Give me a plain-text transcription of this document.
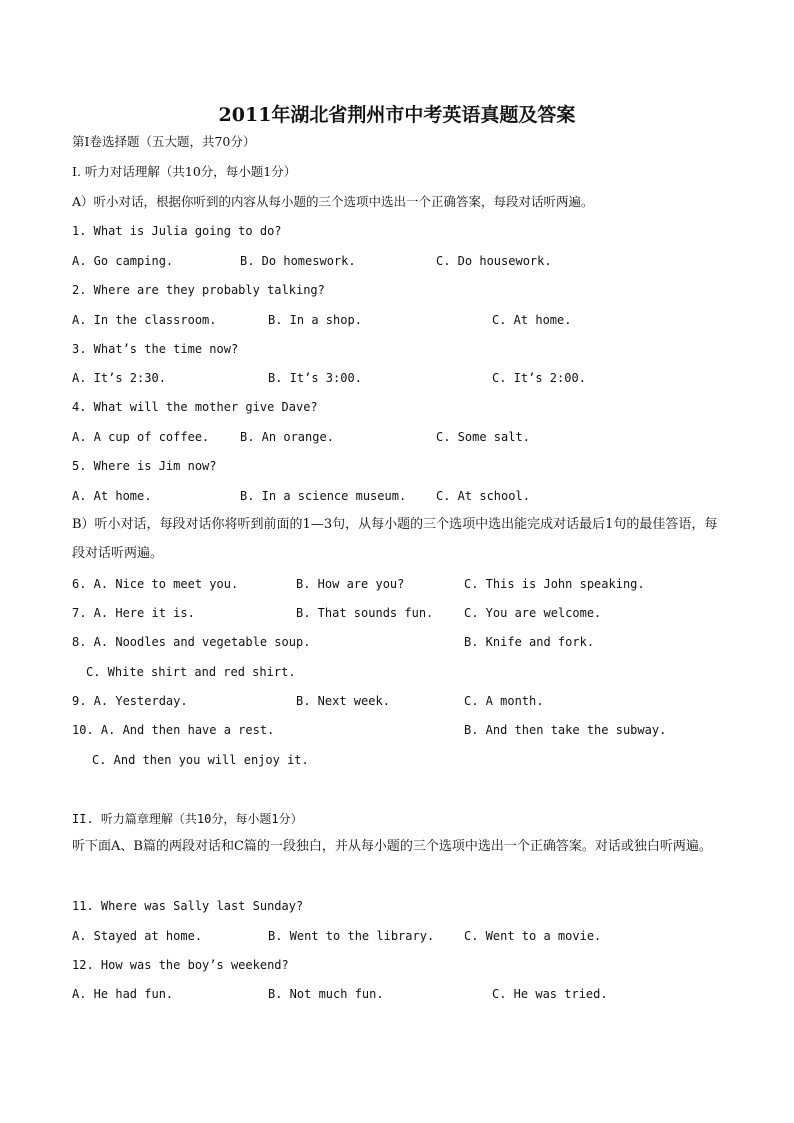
2011年湖北省荆州市中考英语真题及答案
第I卷选择题（五大题，共70分）
I. 听力对话理解（共10分，每小题1分）
A）听小对话，根据你听到的内容从每小题的三个选项中选出一个正确答案，每段对话听两遍。
1. What is Julia going to do?
A. Go camping.	B. Do homeswork.	C. Do housework.
2. Where are they probably talking?
A. In the classroom.	B. In a shop.	C. At home.
3. What’s the time now?
A. It’s 2:30.	B. It’s 3:00.	C. It’s 2:00.
4. What will the mother give Dave?
A. A cup of coffee.	B. An orange.	C. Some salt.
5. Where is Jim now?
A. At home.	B. In a science museum. C. At school.
B）听小对话，每段对话你将听到前面的1—3句，从每小题的三个选项中选出能完成对话最后1句的最佳答语，每段对话听两遍。
6. A. Nice to meet you.	B. How are you?	C. This is John speaking.
7. A. Here it is.	B. That sounds fun.	C. You are welcome.
8. A. Noodles and vegetable soup.	B. Knife and fork.
C. White shirt and red shirt.
9. A. Yesterday.	B. Next week.	C. A month.
10. A. And then have a rest.	B. And then take the subway.
C. And then you will enjoy it.
II. 听力篇章理解（共10分，每小题1分）
听下面A、B篇的两段对话和C篇的一段独白，并从每小题的三个选项中选出一个正确答案。对话或独白听两遍。
11. Where was Sally last Sunday?
A. Stayed at home.	B. Went to the library. C. Went to a movie.
12. How was the boy’s weekend?
A. He had fun.	B. Not much fun.	C. He was tried.
